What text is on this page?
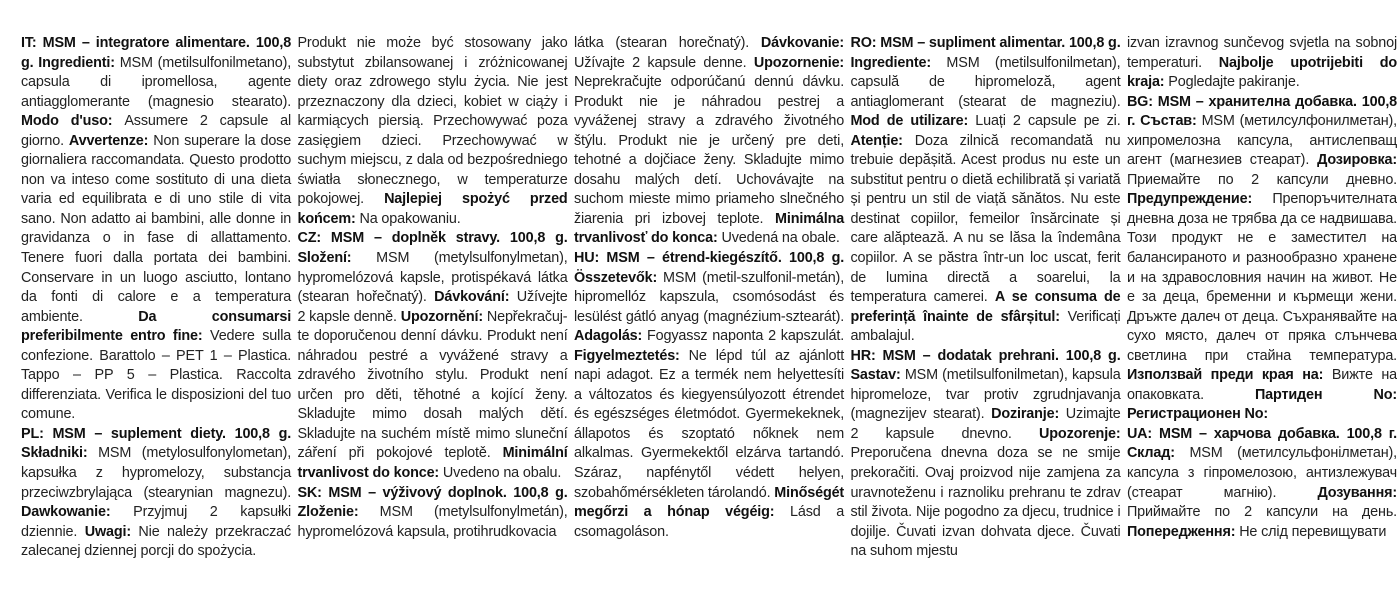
IT: MSM – integratore alimentare. 100,8 g. Ingredienti: MSM (metilsulfonilmetano), capsula di ipromellosa, agente antiagglomerante (magnesio stearato). Modo d'uso: Assumere 2 capsule al giorno. Avvertenze: Non superare la dose giornaliera raccomandata. Questo prodotto non va inteso come sostituto di una dieta varia ed equilibrata e di uno stile di vita sano. Non adatto ai bambini, alle donne in gravidanza o in fase di allattamento. Tenere fuori dalla portata dei bambini. Conservare in un luogo asciutto, lontano da fonti di calore e a temperatura ambiente. Da consumarsi preferibilmente entro fine: Vedere sulla confezione. Barattolo – PET 1 – Plastica. Tappo – PP 5 – Plastica. Raccolta differenziata. Verifica le disposizioni del tuo comune.
PL: MSM – suplement diety. 100,8 g. Składniki: MSM (metylosulfonylometan), kapsułka z hypromelozy, substancja przeciwzbrylająca (stearynian magnezu). Dawkowanie: Przyjmuj 2 kapsułki dziennie. Uwagi: Nie należy przekraczać zalecanej dziennej porcji do spożycia.
Produkt nie może być stosowany jako substytut zbilansowanej i zróżnicowanej diety oraz zdrowego stylu życia. Nie jest przeznaczony dla dzieci, kobiet w ciąży i karmiących piersią. Przechowywać poza zasięgiem dzieci. Przechowywać w suchym miejscu, z dala od bezpośredniego światła słonecznego, w temperaturze pokojowej. Najlepiej spożyć przed końcem: Na opakowaniu.
CZ: MSM – doplněk stravy. 100,8 g. Složení: MSM (metylsulfonylmetan), hypromelózová kapsle, protispékavá látka (stearan hořečnatý). Dávkování: Užívejte 2 kapsle denně. Upozornění: Nepřekračujte doporučenou denní dávku. Produkt není náhradou pestré a vyvážené stravy a zdravého životního stylu. Produkt není určen pro děti, těhotné a kojící ženy. Skladujte mimo dosah malých dětí. Skladujte na suchém místě mimo sluneční záření při pokojové teplotě. Minimální trvanlivost do konce: Uvedeno na obalu.
SK: MSM – výživový doplnok. 100,8 g. Zloženie: MSM (metylsulfonylmetán), hypromelózová kapsula, protihrudkovacia
látka (stearan horečnatý). Dávkovanie: Užívajte 2 kapsule denne. Upozornenie: Neprekračujte odporúčanú dennú dávku. Produkt nie je náhradou pestrej a vyváženej stravy a zdravého životného štýlu. Produkt nie je určený pre deti, tehotné a dojčiace ženy. Skladujte mimo dosahu malých detí. Uchovávajte na suchom mieste mimo priameho slnečného žiarenia pri izbovej teplote. Minimálna trvanlivosť do konca: Uvedená na obale.
HU: MSM – étrend-kiegészítő. 100,8 g. Összetevők: MSM (metil-szulfonil-metán), hipromellóz kapszula, csomósodást és lesülést gátló anyag (magnézium-sztearát). Adagolás: Fogyassz naponta 2 kapszulát. Figyelmeztetés: Ne lépd túl az ajánlott napi adagot. Ez a termék nem helyettesíti a változatos és kiegyensúlyozott étrendet és egészséges életmódot. Gyermekeknek, állapotos és szoptató nőknek nem alkalmas. Gyermekektől elzárva tartandó. Száraz, napfénytől védett helyen, szobahőmérsékleten tárolandó. Minőségét megőrzi a hónap végéig: Lásd a csomagoláson.
RO: MSM – supliment alimentar. 100,8 g. Ingrediente: MSM (metilsulfonilmetan), capsulă de hipromeloză, agent antiaglomerant (stearat de magneziu). Mod de utilizare: Luați 2 capsule pe zi. Atenție: Doza zilnică recomandată nu trebuie depășită. Acest produs nu este un substitut pentru o dietă echilibrată și variată și pentru un stil de viață sănătos. Nu este destinat copiilor, femeilor însărcinate și care alăptează. A nu se lăsa la îndemâna copiilor. A se păstra într-un loc uscat, ferit de lumina directă a soarelui, la temperatura camerei. A se consuma de preferință înainte de sfârșitul: Verificați ambalajul.
HR: MSM – dodatak prehrani. 100,8 g. Sastav: MSM (metilsulfonilmetan), kapsula hipromeloze, tvar protiv zgrudnjavanja (magnezijev stearat). Doziranje: Uzimajte 2 kapsule dnevno. Upozorenje: Preporučena dnevna doza se ne smije prekoračiti. Ovaj proizvod nije zamjena za uravnoteženu i raznoliku prehranu te zdrav stil života. Nije pogodno za djecu, trudnice i dojilje. Čuvati izvan dohvata djece. Čuvati na suhom mjestu
izvan izravnog sunčevog svjetla na sobnoj temperaturi. Najbolje upotrijebiti do kraja: Pogledajte pakiranje.
BG: MSM – хранителна добавка. 100,8 г. Състав: MSM (метилсулфонилметан), хипромелозна капсула, антислепващ агент (магнезиев стеарат). Дозировка: Приемайте по 2 капсули дневно. Предупреждение: Препоръчителната дневна доза не трябва да се надвишава. Този продукт не е заместител на балансираното и разнообразно хранене и на здравословния начин на живот. Не е за деца, бременни и кърмещи жени. Дръжте далеч от деца. Съхранявайте на сухо място, далеч от пряка слънчева светлина при стайна температура. Използвай преди края на: Вижте на опаковката. Партиден No: Регистрационен No:
UA: MSM – харчова добавка. 100,8 г. Склад: MSM (метилсульфонілметан), капсула з гіпромелозою, антизлежувач (стеарат магнію). Дозування: Приймайте по 2 капсули на день. Попередження: Не слід перевищувати
